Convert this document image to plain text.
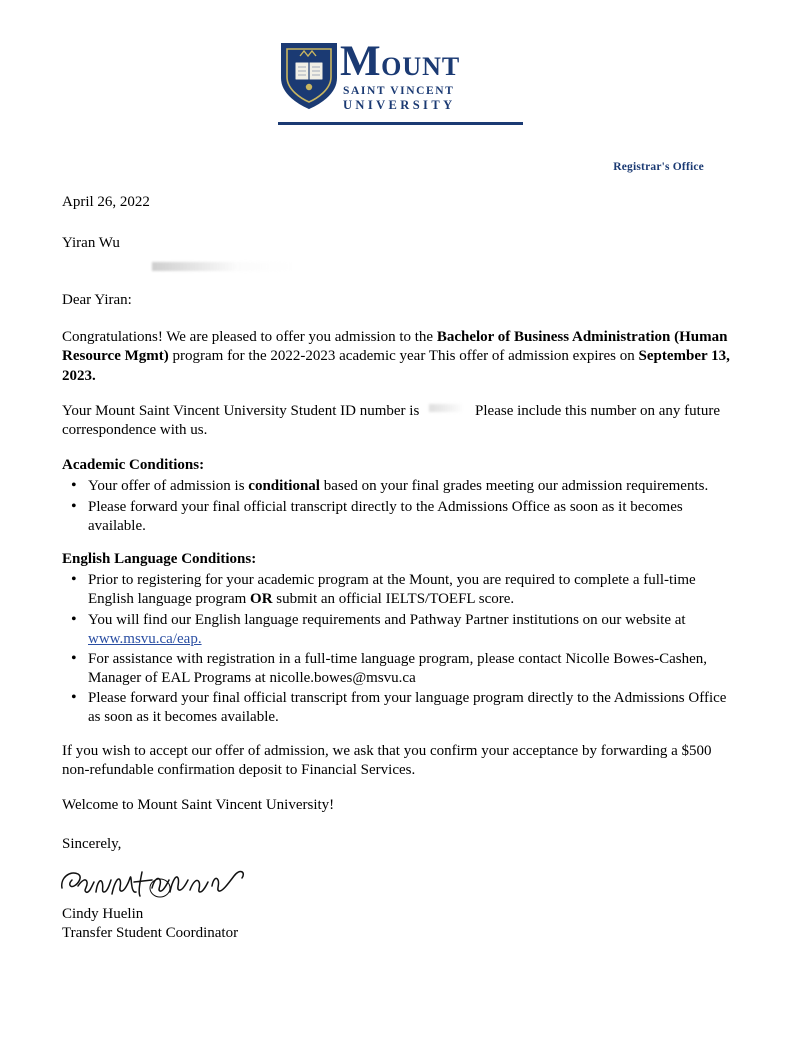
MOUNT
SAINT VINCENT
UNIVERSITY
Registrar's Office
April 26, 2022
Yiran Wu
Dear Yiran:

Congratulations! We are pleased to offer you admission to the Bachelor of Business Administration (Human Resource Mgmt) program for the 2022-2023 academic year This offer of admission expires on September 13, 2023.

Your Mount Saint Vincent University Student ID number is	Please include this number on any future correspondence with us.

Academic Conditions:

• Your offer of admission is conditional based on your final grades meeting our admission requirements.
• Please forward your final official transcript directly to the Admissions Office as soon as it becomes available.

English Language Conditions:

• Prior to registering for your academic program at the Mount, you are required to complete a full-time English language program OR submit an official IELTS/TOEFL score.
• You will find our English language requirements and Pathway Partner institutions on our website at www.msvu.ca/eap.
• For assistance with registration in a full-time language program, please contact Nicolle Bowes-Cashen, Manager of EAL Programs at nicolle.bowes@msvu.ca
• Please forward your final official transcript from your language program directly to the Admissions Office as soon as it becomes available.

If you wish to accept our offer of admission, we ask that you confirm your acceptance by forwarding a $500 non-refundable confirmation deposit to Financial Services.

Welcome to Mount Saint Vincent University!

Sincerely,
Cindy Huelin
Transfer Student Coordinator
